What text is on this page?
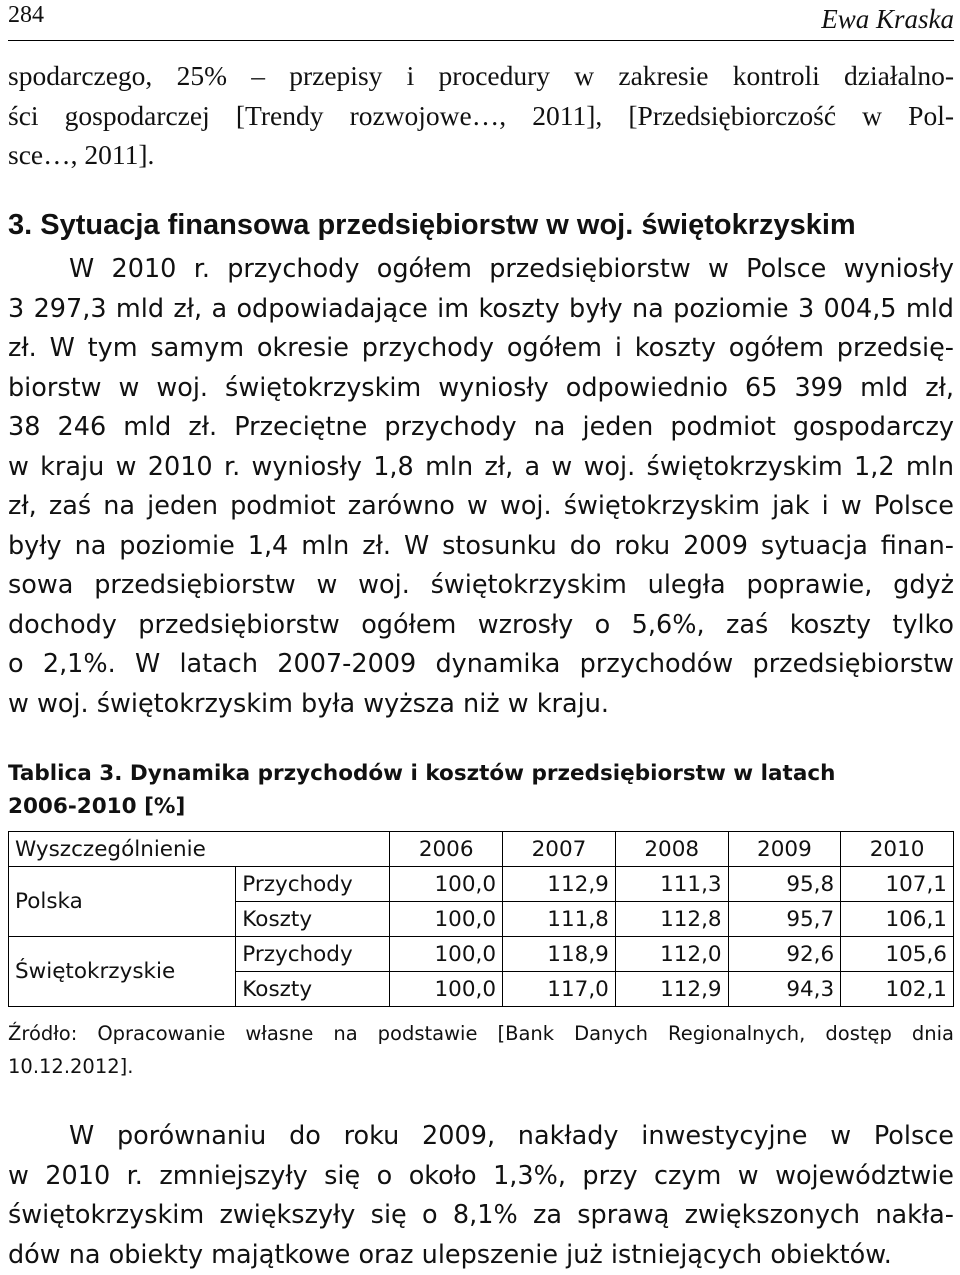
284	Ewa Kraska
spodarczego, 25% – przepisy i procedury w zakresie kontroli działalno-
ści gospodarczej [Trendy rozwojowe…, 2011], [Przedsiębiorczość w Pol-
sce…, 2011].
3. Sytuacja finansowa przedsiębiorstw w woj. świętokrzyskim
W 2010 r. przychody ogółem przedsiębiorstw w Polsce wyniosły
3 297,3 mld zł, a odpowiadające im koszty były na poziomie 3 004,5 mld
zł. W tym samym okresie przychody ogółem i koszty ogółem przedsię-
biorstw w woj. świętokrzyskim wyniosły odpowiednio 65 399 mld zł,
38 246 mld zł. Przeciętne przychody na jeden podmiot gospodarczy
w kraju w 2010 r. wyniosły 1,8 mln zł, a w woj. świętokrzyskim 1,2 mln
zł, zaś na jeden podmiot zarówno w woj. świętokrzyskim jak i w Polsce
były na poziomie 1,4 mln zł. W stosunku do roku 2009 sytuacja finan-
sowa przedsiębiorstw w woj. świętokrzyskim uległa poprawie, gdyż
dochody przedsiębiorstw ogółem wzrosły o 5,6%, zaś koszty tylko
o 2,1%. W latach 2007-2009 dynamika przychodów przedsiębiorstw
w woj. świętokrzyskim była wyższa niż w kraju.
Tablica 3. Dynamika przychodów i kosztów przedsiębiorstw w latach
2006-2010 [%]
Wyszczególnienie		2006	2007	2008	2009	2010
Polska	Przychody	100,0	112,9	111,3	95,8	107,1
	Koszty	100,0	111,8	112,8	95,7	106,1
Świętokrzyskie	Przychody	100,0	118,9	112,0	92,6	105,6
	Koszty	100,0	117,0	112,9	94,3	102,1
Źródło: Opracowanie własne na podstawie [Bank Danych Regionalnych, dostęp dnia
10.12.2012].
W porównaniu do roku 2009, nakłady inwestycyjne w Polsce
w 2010 r. zmniejszyły się o około 1,3%, przy czym w województwie
świętokrzyskim zwiększyły się o 8,1% za sprawą zwiększonych nakła-
dów na obiekty majątkowe oraz ulepszenie już istniejących obiektów.
